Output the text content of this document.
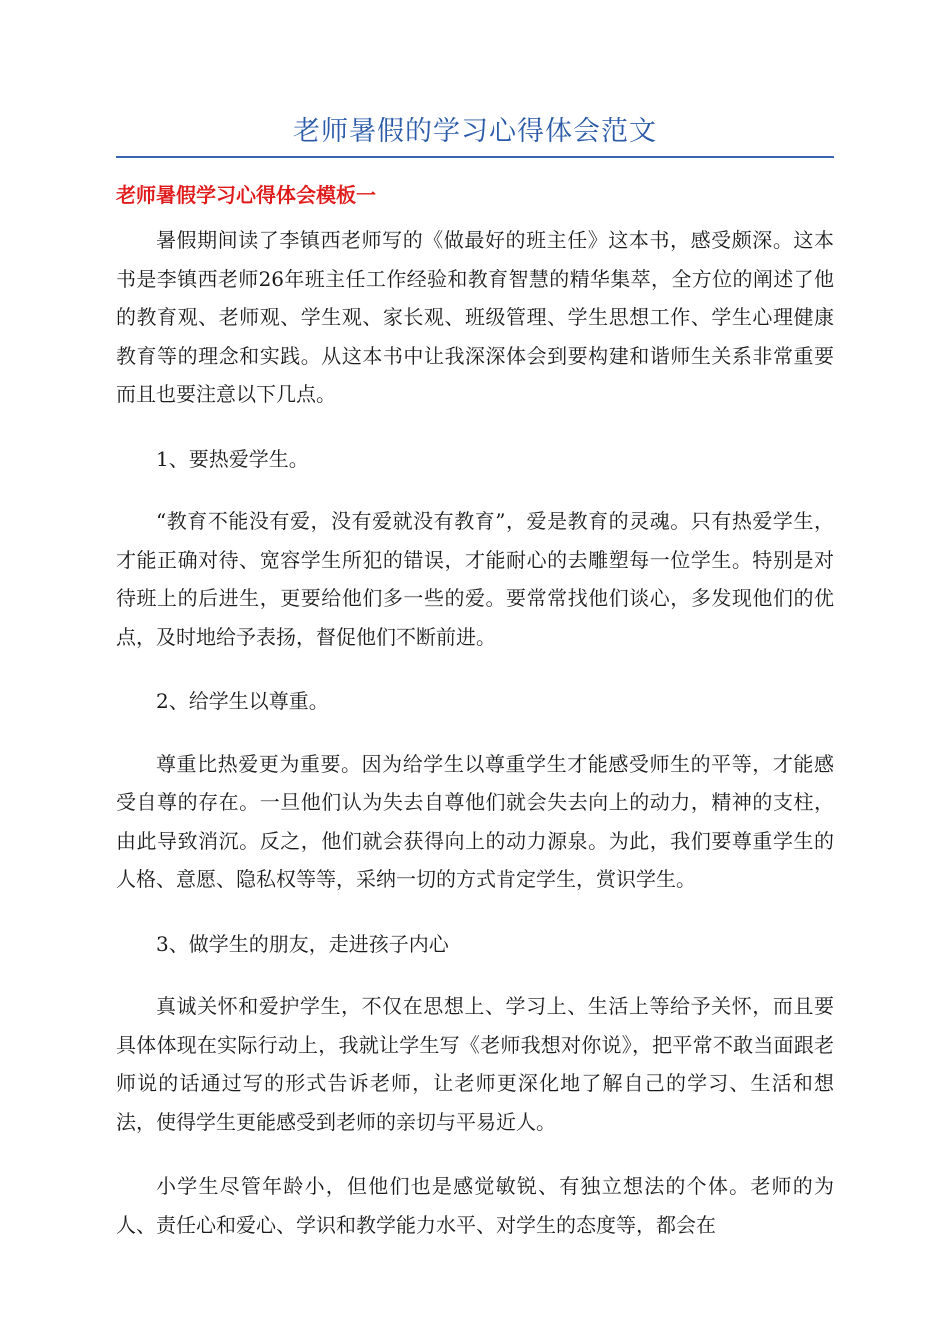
老师暑假的学习心得体会范文
老师暑假学习心得体会模板一

暑假期间读了李镇西老师写的《做最好的班主任》这本书，感受颇深。这本书是李镇西老师26年班主任工作经验和教育智慧的精华集萃，全方位的阐述了他的教育观、老师观、学生观、家长观、班级管理、学生思想工作、学生心理健康教育等的理念和实践。从这本书中让我深深体会到要构建和谐师生关系非常重要而且也要注意以下几点。

1、要热爱学生。

“教育不能没有爱，没有爱就没有教育”，爱是教育的灵魂。只有热爱学生，才能正确对待、宽容学生所犯的错误，才能耐心的去雕塑每一位学生。特别是对待班上的后进生，更要给他们多一些的爱。要常常找他们谈心，多发现他们的优点，及时地给予表扬，督促他们不断前进。

2、给学生以尊重。

尊重比热爱更为重要。因为给学生以尊重学生才能感受师生的平等，才能感受自尊的存在。一旦他们认为失去自尊他们就会失去向上的动力，精神的支柱，由此导致消沉。反之，他们就会获得向上的动力源泉。为此，我们要尊重学生的人格、意愿、隐私权等等，采纳一切的方式肯定学生，赏识学生。

3、做学生的朋友，走进孩子内心

真诚关怀和爱护学生，不仅在思想上、学习上、生活上等给予关怀，而且要具体体现在实际行动上，我就让学生写《老师我想对你说》，把平常不敢当面跟老师说的话通过写的形式告诉老师，让老师更深化地了解自己的学习、生活和想法，使得学生更能感受到老师的亲切与平易近人。

小学生尽管年龄小，但他们也是感觉敏锐、有独立想法的个体。老师的为人、责任心和爱心、学识和教学能力水平、对学生的态度等，都会在
